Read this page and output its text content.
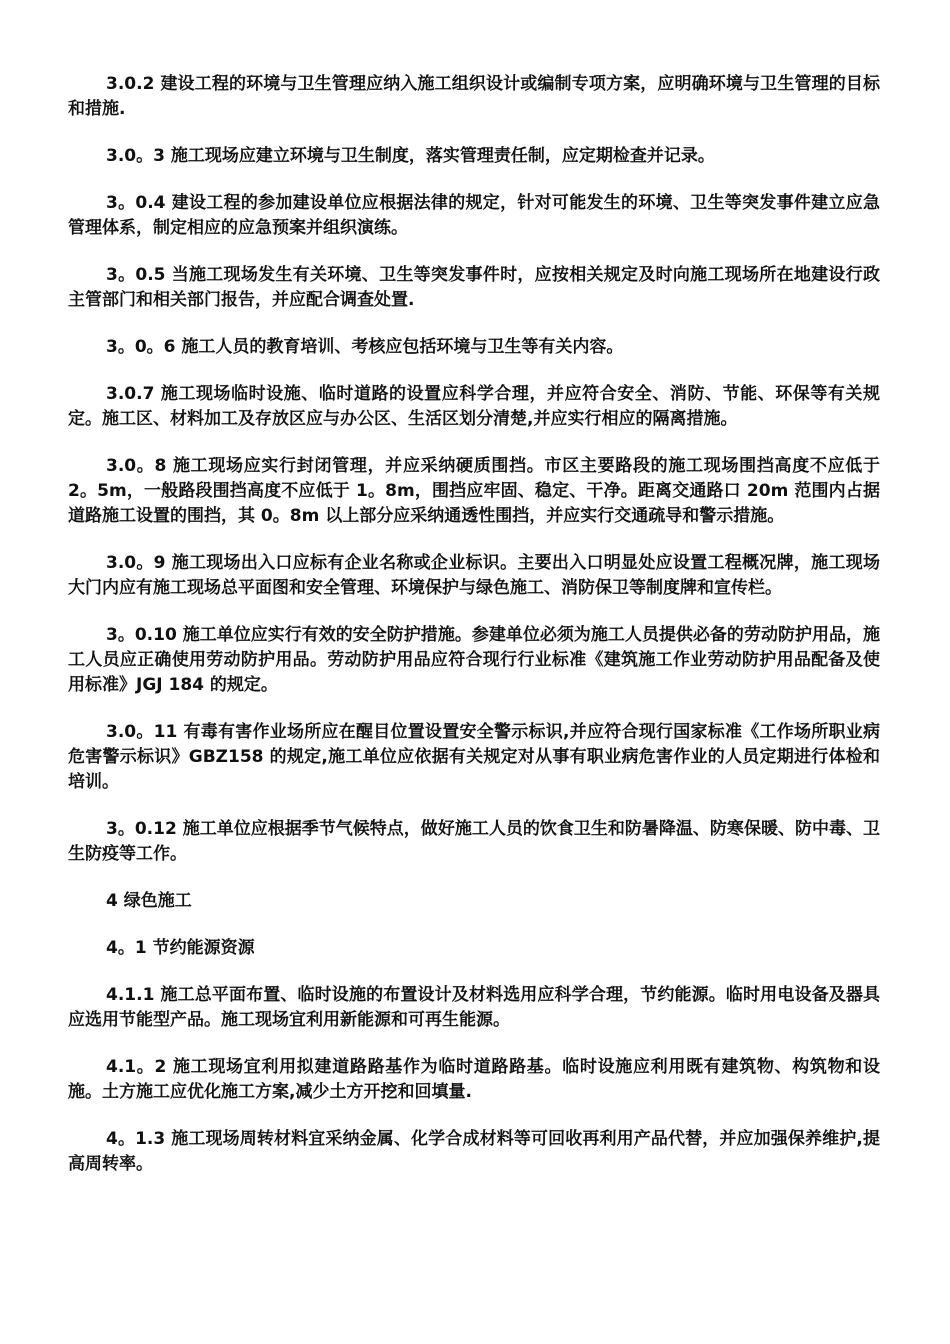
3.0.2 建设工程的环境与卫生管理应纳入施工组织设计或编制专项方案，应明确环境与卫生管理的目标和措施.

3.0。3 施工现场应建立环境与卫生制度，落实管理责任制，应定期检查并记录。

3。0.4 建设工程的参加建设单位应根据法律的规定，针对可能发生的环境、卫生等突发事件建立应急管理体系，制定相应的应急预案并组织演练。

3。0.5 当施工现场发生有关环境、卫生等突发事件时，应按相关规定及时向施工现场所在地建设行政主管部门和相关部门报告，并应配合调查处置.

3。0。6 施工人员的教育培训、考核应包括环境与卫生等有关内容。

3.0.7 施工现场临时设施、临时道路的设置应科学合理，并应符合安全、消防、节能、环保等有关规定。施工区、材料加工及存放区应与办公区、生活区划分清楚,并应实行相应的隔离措施。

3.0。8 施工现场应实行封闭管理，并应采纳硬质围挡。市区主要路段的施工现场围挡高度不应低于 2。5m，一般路段围挡高度不应低于 1。8m，围挡应牢固、稳定、干净。距离交通路口 20m 范围内占据道路施工设置的围挡，其 0。8m 以上部分应采纳通透性围挡，并应实行交通疏导和警示措施。

3.0。9 施工现场出入口应标有企业名称或企业标识。主要出入口明显处应设置工程概况牌，施工现场大门内应有施工现场总平面图和安全管理、环境保护与绿色施工、消防保卫等制度牌和宣传栏。

3。0.10 施工单位应实行有效的安全防护措施。参建单位必须为施工人员提供必备的劳动防护用品，施工人员应正确使用劳动防护用品。劳动防护用品应符合现行行业标准《建筑施工作业劳动防护用品配备及使用标准》JGJ 184 的规定。

3.0。11 有毒有害作业场所应在醒目位置设置安全警示标识,并应符合现行国家标准《工作场所职业病危害警示标识》GBZ158 的规定,施工单位应依据有关规定对从事有职业病危害作业的人员定期进行体检和培训。

3。0.12 施工单位应根据季节气候特点，做好施工人员的饮食卫生和防暑降温、防寒保暖、防中毒、卫生防疫等工作。

4 绿色施工

4。1 节约能源资源

4.1.1 施工总平面布置、临时设施的布置设计及材料选用应科学合理，节约能源。临时用电设备及器具应选用节能型产品。施工现场宜利用新能源和可再生能源。

4.1。2 施工现场宜利用拟建道路路基作为临时道路路基。临时设施应利用既有建筑物、构筑物和设施。土方施工应优化施工方案,减少土方开挖和回填量.

4。1.3 施工现场周转材料宜采纳金属、化学合成材料等可回收再利用产品代替，并应加强保养维护,提高周转率。
